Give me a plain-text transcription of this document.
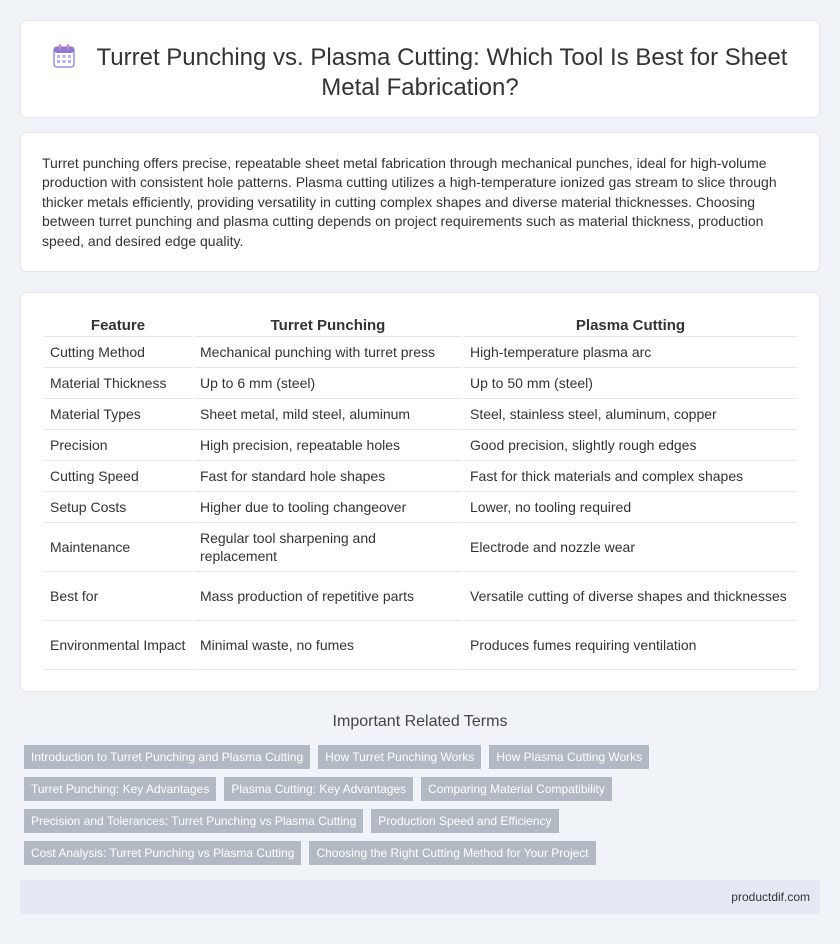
Turret Punching vs. Plasma Cutting: Which Tool Is Best for Sheet Metal Fabrication?

Turret punching offers precise, repeatable sheet metal fabrication through mechanical punches, ideal for high-volume production with consistent hole patterns. Plasma cutting utilizes a high-temperature ionized gas stream to slice through thicker metals efficiently, providing versatility in cutting complex shapes and diverse material thicknesses. Choosing between turret punching and plasma cutting depends on project requirements such as material thickness, production speed, and desired edge quality.

Feature	Turret Punching	Plasma Cutting
Cutting Method	Mechanical punching with turret press	High-temperature plasma arc
Material Thickness	Up to 6 mm (steel)	Up to 50 mm (steel)
Material Types	Sheet metal, mild steel, aluminum	Steel, stainless steel, aluminum, copper
Precision	High precision, repeatable holes	Good precision, slightly rough edges
Cutting Speed	Fast for standard hole shapes	Fast for thick materials and complex shapes
Setup Costs	Higher due to tooling changeover	Lower, no tooling required
Maintenance	Regular tool sharpening and replacement	Electrode and nozzle wear
Best for	Mass production of repetitive parts	Versatile cutting of diverse shapes and thicknesses
Environmental Impact	Minimal waste, no fumes	Produces fumes requiring ventilation
Important Related Terms
Introduction to Turret Punching and Plasma Cutting	How Turret Punching Works	How Plasma Cutting Works
Turret Punching: Key Advantages	Plasma Cutting: Key Advantages	Comparing Material Compatibility
Precision and Tolerances: Turret Punching vs Plasma Cutting	Production Speed and Efficiency
Cost Analysis: Turret Punching vs Plasma Cutting	Choosing the Right Cutting Method for Your Project
productdif.com
